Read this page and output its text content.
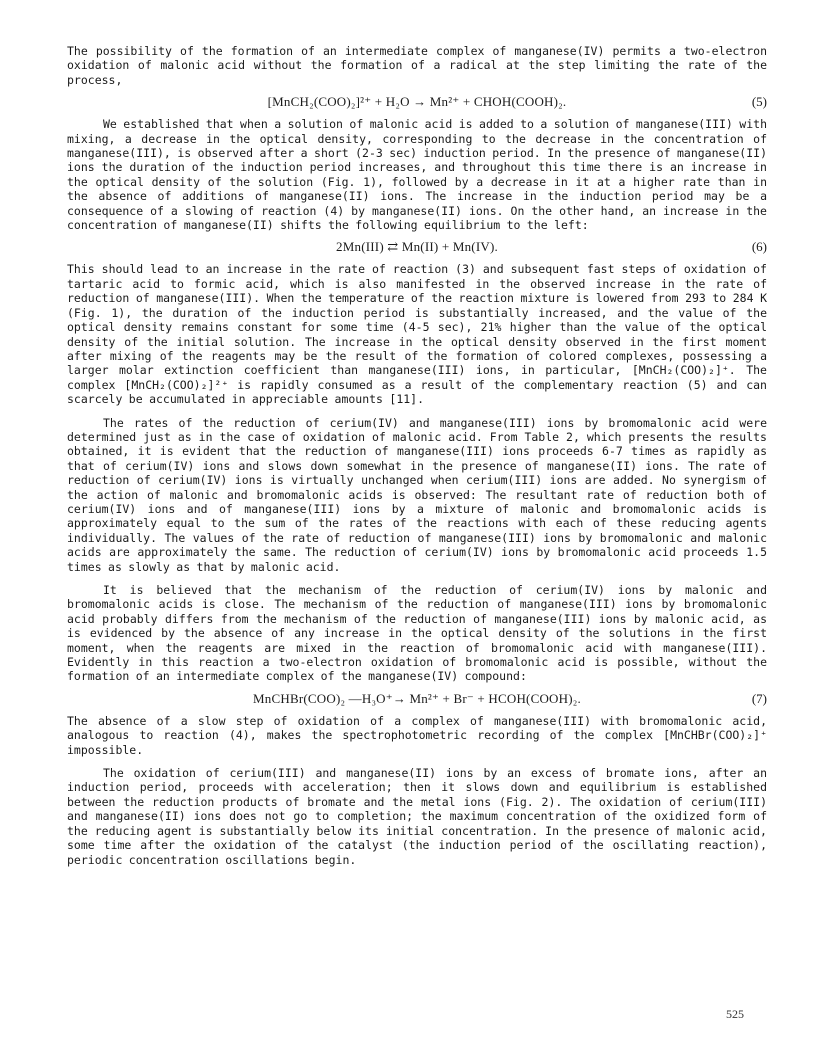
The possibility of the formation of an intermediate complex of manganese(IV) permits a two-electron oxidation of malonic acid without the formation of a radical at the step limiting the rate of the process,

[MnCH₂(COO)₂]²⁺ + H₂O → Mn²⁺ + CHOH(COOH)₂.	(5)

We established that when a solution of malonic acid is added to a solution of manganese(III) with mixing, a decrease in the optical density, corresponding to the decrease in the concentration of manganese(III), is observed after a short (2-3 sec) induction period. In the presence of manganese(II) ions the duration of the induction period increases, and throughout this time there is an increase in the optical density of the solution (Fig. 1), followed by a decrease in it at a higher rate than in the absence of additions of manganese(II) ions. The increase in the induction period may be a consequence of a slowing of reaction (4) by manganese(II) ions. On the other hand, an increase in the concentration of manganese(II) shifts the following equilibrium to the left:

2Mn(III) ⇄ Mn(II) + Mn(IV).	(6)

This should lead to an increase in the rate of reaction (3) and subsequent fast steps of oxidation of tartaric acid to formic acid, which is also manifested in the observed increase in the rate of reduction of manganese(III). When the temperature of the reaction mixture is lowered from 293 to 284 K (Fig. 1), the duration of the induction period is substantially increased, and the value of the optical density remains constant for some time (4-5 sec), 21% higher than the value of the optical density of the initial solution. The increase in the optical density observed in the first moment after mixing of the reagents may be the result of the formation of colored complexes, possessing a larger molar extinction coefficient than manganese(III) ions, in particular, [MnCH₂(COO)₂]⁺. The complex [MnCH₂(COO)₂]²⁺ is rapidly consumed as a result of the complementary reaction (5) and can scarcely be accumulated in appreciable amounts [11].

The rates of the reduction of cerium(IV) and manganese(III) ions by bromomalonic acid were determined just as in the case of oxidation of malonic acid. From Table 2, which presents the results obtained, it is evident that the reduction of manganese(III) ions proceeds 6-7 times as rapidly as that of cerium(IV) ions and slows down somewhat in the presence of manganese(II) ions. The rate of reduction of cerium(IV) ions is virtually unchanged when cerium(III) ions are added. No synergism of the action of malonic and bromomalonic acids is observed: The resultant rate of reduction both of cerium(IV) ions and of manganese(III) ions by a mixture of malonic and bromomalonic acids is approximately equal to the sum of the rates of the reactions with each of these reducing agents individually. The values of the rate of reduction of manganese(III) ions by bromomalonic and malonic acids are approximately the same. The reduction of cerium(IV) ions by bromomalonic acid proceeds 1.5 times as slowly as that by malonic acid.

It is believed that the mechanism of the reduction of cerium(IV) ions by malonic and bromomalonic acids is close. The mechanism of the reduction of manganese(III) ions by bromomalonic acid probably differs from the mechanism of the reduction of manganese(III) ions by malonic acid, as is evidenced by the absence of any increase in the optical density of the solutions in the first moment, when the reagents are mixed in the reaction of bromomalonic acid with manganese(III). Evidently in this reaction a two-electron oxidation of bromomalonic acid is possible, without the formation of an intermediate complex of the manganese(IV) compound:

MnCHBr(COO)₂ —H₃O⁺→ Mn²⁺ + Br⁻ + HCOH(COOH)₂.	(7)

The absence of a slow step of oxidation of a complex of manganese(III) with bromomalonic acid, analogous to reaction (4), makes the spectrophotometric recording of the complex [MnCHBr(COO)₂]⁺ impossible.

The oxidation of cerium(III) and manganese(II) ions by an excess of bromate ions, after an induction period, proceeds with acceleration; then it slows down and equilibrium is established between the reduction products of bromate and the metal ions (Fig. 2). The oxidation of cerium(III) and manganese(II) ions does not go to completion; the maximum concentration of the oxidized form of the reducing agent is substantially below its initial concentration. In the presence of malonic acid, some time after the oxidation of the catalyst (the induction period of the oscillating reaction), periodic concentration oscillations begin.

525
